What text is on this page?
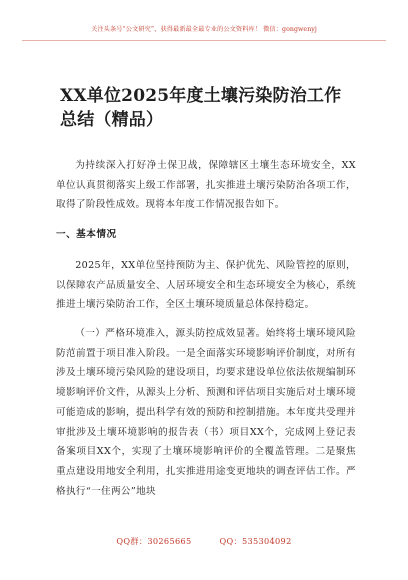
关注头条号“公文研究”，获得最新最全最专业的公文资料库！ 微信：gongwenyj
XX单位2025年度土壤污染防治工作总结（精品）
为持续深入打好净土保卫战，保障辖区土壤生态环境安全，XX单位认真贯彻落实上级工作部署，扎实推进土壤污染防治各项工作，取得了阶段性成效。现将本年度工作情况报告如下。
一、基本情况
2025年，XX单位坚持预防为主、保护优先、风险管控的原则，以保障农产品质量安全、人居环境安全和生态环境安全为核心，系统推进土壤污染防治工作，全区土壤环境质量总体保持稳定。
（一）严格环境准入，源头防控成效显著。始终将土壤环境风险防范前置于项目准入阶段。一是全面落实环境影响评价制度，对所有涉及土壤环境污染风险的建设项目，均要求建设单位依法依规编制环境影响评价文件，从源头上分析、预测和评估项目实施后对土壤环境可能造成的影响，提出科学有效的预防和控制措施。本年度共受理并审批涉及土壤环境影响的报告表（书）项目XX个，完成网上登记表备案项目XX个，实现了土壤环境影响评价的全覆盖管理。二是聚焦重点建设用地安全利用，扎实推进用途变更地块的调查评估工作。严格执行“一住两公”地块
QQ群：30265665	QQ：535304092
